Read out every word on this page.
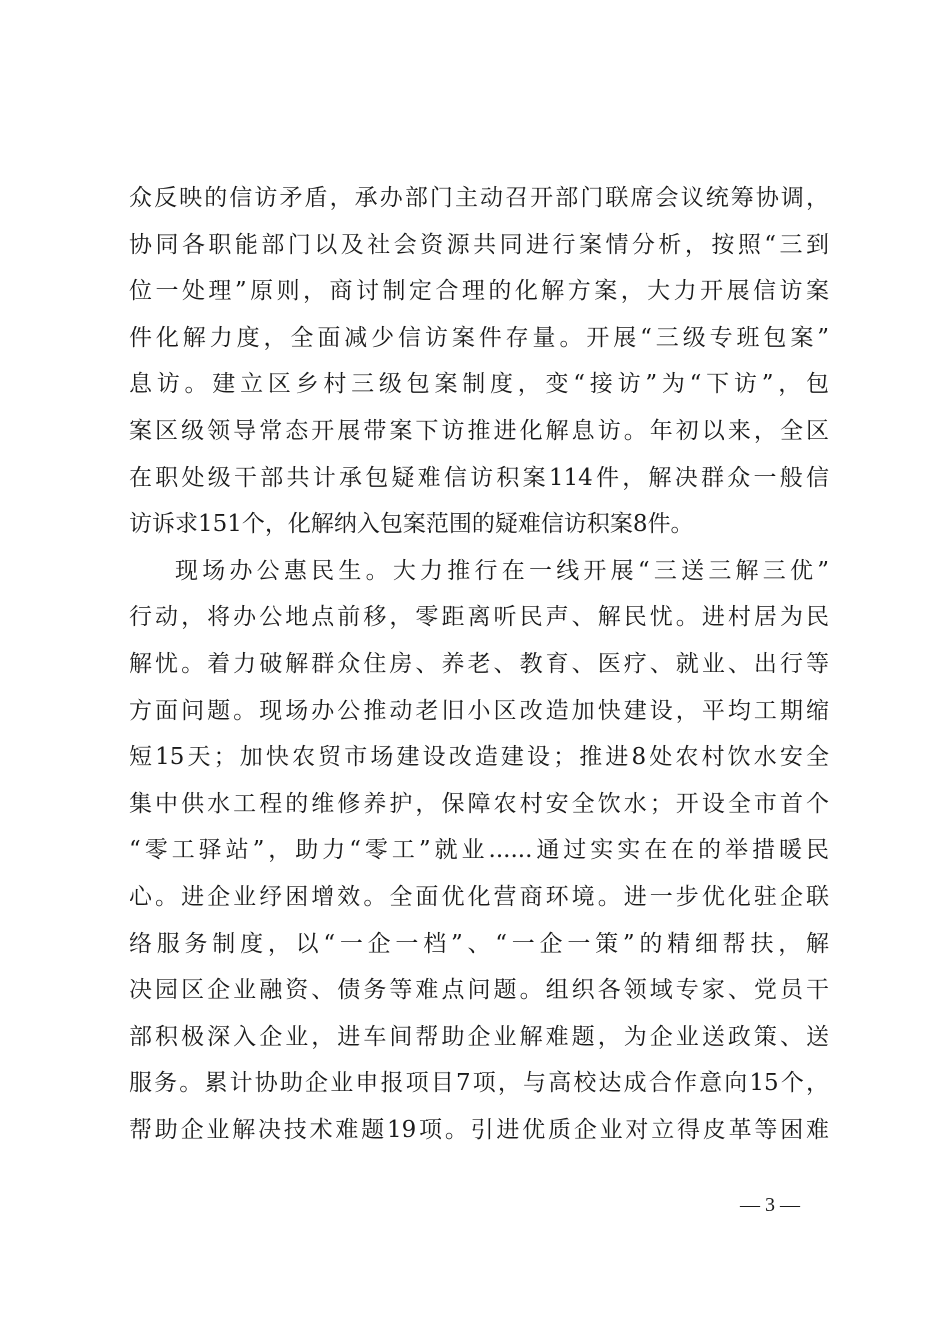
众反映的信访矛盾，承办部门主动召开部门联席会议统筹协调，
协同各职能部门以及社会资源共同进行案情分析，按照“三到
位一处理”原则，商讨制定合理的化解方案，大力开展信访案
件化解力度，全面减少信访案件存量。开展“三级专班包案”
息访。建立区乡村三级包案制度，变“接访”为“下访”，包
案区级领导常态开展带案下访推进化解息访。年初以来，全区
在职处级干部共计承包疑难信访积案114件，解决群众一般信
访诉求151个，化解纳入包案范围的疑难信访积案8件。
现场办公惠民生。大力推行在一线开展“三送三解三优”
行动，将办公地点前移，零距离听民声、解民忧。进村居为民
解忧。着力破解群众住房、养老、教育、医疗、就业、出行等
方面问题。现场办公推动老旧小区改造加快建设，平均工期缩
短15天；加快农贸市场建设改造建设；推进8处农村饮水安全
集中供水工程的维修养护，保障农村安全饮水；开设全市首个
“零工驿站”，助力“零工”就业......通过实实在在的举措暖民
心。进企业纾困增效。全面优化营商环境。进一步优化驻企联
络服务制度，以“一企一档”、“一企一策”的精细帮扶，解
决园区企业融资、债务等难点问题。组织各领域专家、党员干
部积极深入企业，进车间帮助企业解难题，为企业送政策、送
服务。累计协助企业申报项目7项，与高校达成合作意向15个，
帮助企业解决技术难题19项。引进优质企业对立得皮革等困难
— 3 —
